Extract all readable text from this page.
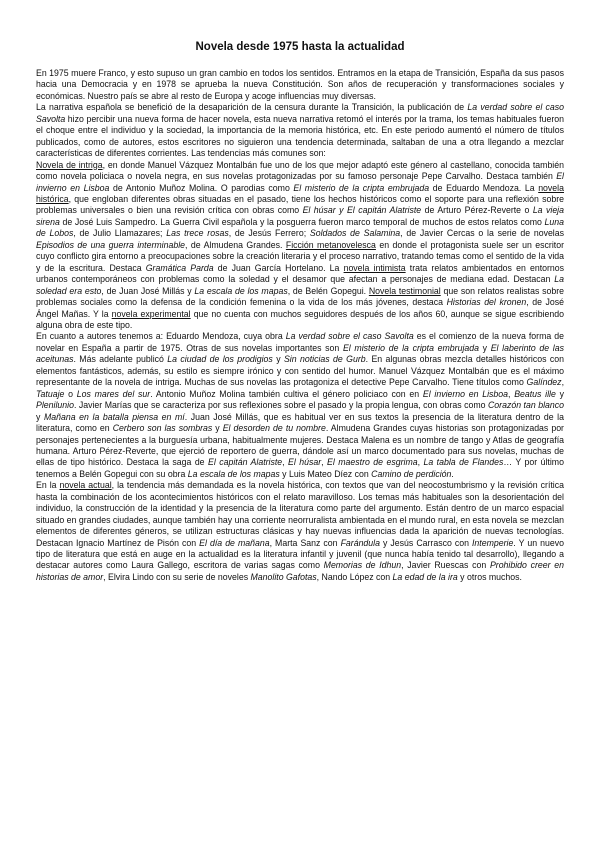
Novela desde 1975 hasta la actualidad

En 1975 muere Franco, y esto supuso un gran cambio en todos los sentidos. Entramos en la etapa de Transición, España da sus pasos hacia una Democracia y en 1978 se aprueba la nueva Constitución. Son años de recuperación y transformaciones sociales y económicas. Nuestro país se abre al resto de Europa y acoge influencias muy diversas.

La narrativa española se benefició de la desaparición de la censura durante la Transición, la publicación de La verdad sobre el caso Savolta hizo percibir una nueva forma de hacer novela, esta nueva narrativa retomó el interés por la trama, los temas habituales fueron el choque entre el individuo y la sociedad, la importancia de la memoria histórica, etc. En este periodo aumentó el número de títulos publicados, como de autores, estos escritores no siguieron una tendencia determinada, saltaban de una a otra llegando a mezclar características de diferentes corrientes. Las tendencias más comunes son:

Novela de intriga, en donde Manuel Vázquez Montalbán fue uno de los que mejor adaptó este género al castellano, conocida también como novela policiaca o novela negra, en sus novelas protagonizadas por su famoso personaje Pepe Carvalho. Destaca también El invierno en Lisboa de Antonio Muñoz Molina. O parodias como El misterio de la cripta embrujada de Eduardo Mendoza. La novela histórica, que engloban diferentes obras situadas en el pasado, tiene los hechos históricos como el soporte para una reflexión sobre problemas universales o bien una revisión crítica con obras como El húsar y El capitán Alatriste de Arturo Pérez-Reverte o La vieja sirena de José Luis Sampedro. La Guerra Civil española y la posguerra fueron marco temporal de muchos de estos relatos como Luna de Lobos, de Julio Llamazares; Las trece rosas, de Jesús Ferrero; Soldados de Salamina, de Javier Cercas o la serie de novelas Episodios de una guerra interminable, de Almudena Grandes. Ficción metanovelesca en donde el protagonista suele ser un escritor cuyo conflicto gira entorno a preocupaciones sobre la creación literaria y el proceso narrativo, tratando temas como el sentido de la vida y de la escritura. Destaca Gramática Parda de Juan García Hortelano. La novela intimista trata relatos ambientados en entornos urbanos contemporáneos con problemas como la soledad y el desamor que afectan a personajes de mediana edad. Destacan La soledad era esto, de Juan José Millás y La escala de los mapas, de Belén Gopegui. Novela testimonial que son relatos realistas sobre problemas sociales como la defensa de la condición femenina o la vida de los más jóvenes, destaca Historias del kronen, de José Ángel Mañas. Y la novela experimental que no cuenta con muchos seguidores después de los años 60, aunque se sigue escribiendo alguna obra de este tipo.

En cuanto a autores tenemos a: Eduardo Mendoza, cuya obra La verdad sobre el caso Savolta es el comienzo de la nueva forma de novelar en España a partir de 1975. Otras de sus novelas importantes son El misterio de la cripta embrujada y El laberinto de las aceitunas. Más adelante publicó La ciudad de los prodigios y Sin noticias de Gurb. En algunas obras mezcla detalles históricos con elementos fantásticos, además, su estilo es siempre irónico y con sentido del humor. Manuel Vázquez Montalbán que es el máximo representante de la novela de intriga. Muchas de sus novelas las protagoniza el detective Pepe Carvalho. Tiene títulos como Galíndez, Tatuaje o Los mares del sur. Antonio Muñoz Molina también cultiva el género policiaco con en El invierno en Lisboa, Beatus ille y Plenilunio. Javier Marías que se caracteriza por sus reflexiones sobre el pasado y la propia lengua, con obras como Corazón tan blanco y Mañana en la batalla piensa en mí. Juan José Millás, que es habitual ver en sus textos la presencia de la literatura dentro de la literatura, como en Cerbero son las sombras y El desorden de tu nombre. Almudena Grandes cuyas historias son protagonizadas por personajes pertenecientes a la burguesía urbana, habitualmente mujeres. Destaca Malena es un nombre de tango y Atlas de geografía humana. Arturo Pérez-Reverte, que ejerció de reportero de guerra, dándole así un marco documentado para sus novelas, muchas de ellas de tipo histórico. Destaca la saga de El capitán Alatriste, El húsar, El maestro de esgrima, La tabla de Flandes… Y por último tenemos a Belén Gopegui con su obra La escala de los mapas y Luis Mateo Díez con Camino de perdición.

En la novela actual, la tendencia más demandada es la novela histórica, con textos que van del neocostumbrismo y la revisión crítica hasta la combinación de los acontecimientos históricos con el relato maravilloso. Los temas más habituales son la desorientación del individuo, la construcción de la identidad y la presencia de la literatura como parte del argumento. Están dentro de un marco espacial situado en grandes ciudades, aunque también hay una corriente neorruralista ambientada en el mundo rural, en esta novela se mezclan elementos de diferentes géneros, se utilizan estructuras clásicas y hay nuevas influencias dada la aparición de nuevas tecnologías. Destacan Ignacio Martínez de Pisón con El día de mañana, Marta Sanz con Farándula y Jesús Carrasco con Intemperie. Y un nuevo tipo de literatura que está en auge en la actualidad es la literatura infantil y juvenil (que nunca había tenido tal desarrollo), llegando a destacar autores como Laura Gallego, escritora de varias sagas como Memorias de Idhun, Javier Ruescas con Prohibido creer en historias de amor, Elvira Lindo con su serie de noveles Manolito Gafotas, Nando López con La edad de la ira y otros muchos.
